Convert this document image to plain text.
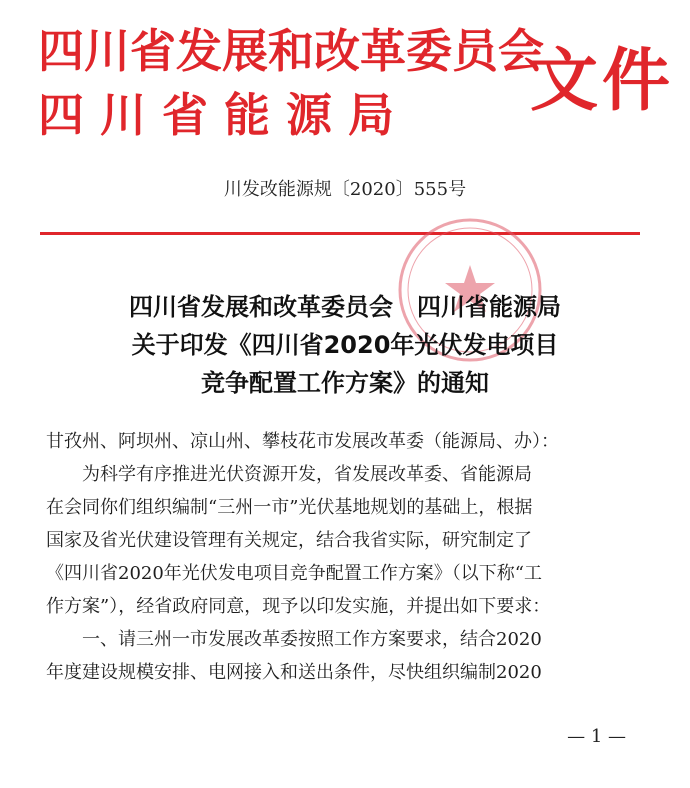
四川省发展和改革委员会
四川省能源局 文件
川发改能源规〔2020〕555号
四川省发展和改革委员会　四川省能源局
关于印发《四川省2020年光伏发电项目
竞争配置工作方案》的通知
甘孜州、阿坝州、凉山州、攀枝花市发展改革委（能源局、办）：
为科学有序推进光伏资源开发，省发展改革委、省能源局
在会同你们组织编制“三州一市”光伏基地规划的基础上，根据
国家及省光伏建设管理有关规定，结合我省实际，研究制定了
《四川省2020年光伏发电项目竞争配置工作方案》（以下称“工
作方案”），经省政府同意，现予以印发实施，并提出如下要求：
一、请三州一市发展改革委按照工作方案要求，结合2020
年度建设规模安排、电网接入和送出条件，尽快组织编制2020
— 1 —
